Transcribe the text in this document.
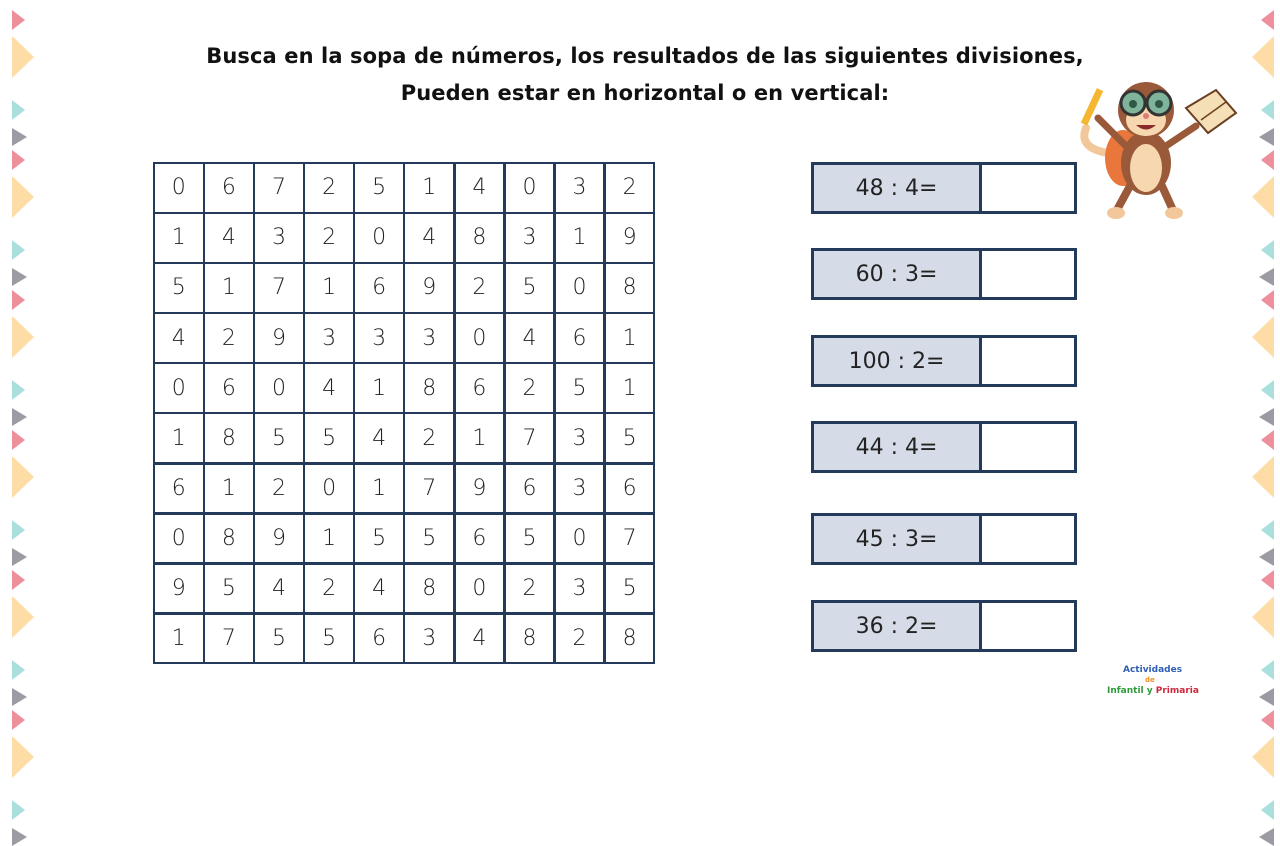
Busca en la sopa de números, los resultados de las siguientes divisiones,
Pueden estar en horizontal o en vertical:
0	6	7	2	5	1	4	0	3	2
1	4	3	2	0	4	8	3	1	9
5	1	7	1	6	9	2	5	0	8
4	2	9	3	3	3	0	4	6	1
0	6	0	4	1	8	6	2	5	1
1	8	5	5	4	2	1	7	3	5
6	1	2	0	1	7	9	6	3	6
0	8	9	1	5	5	6	5	0	7
9	5	4	2	4	8	0	2	3	5
1	7	5	5	6	3	4	8	2	8
48 : 4=
60 : 3=
100 : 2=
44 : 4=
45 : 3=
36 : 2=
Actividades
de
Infantil y Primaria
